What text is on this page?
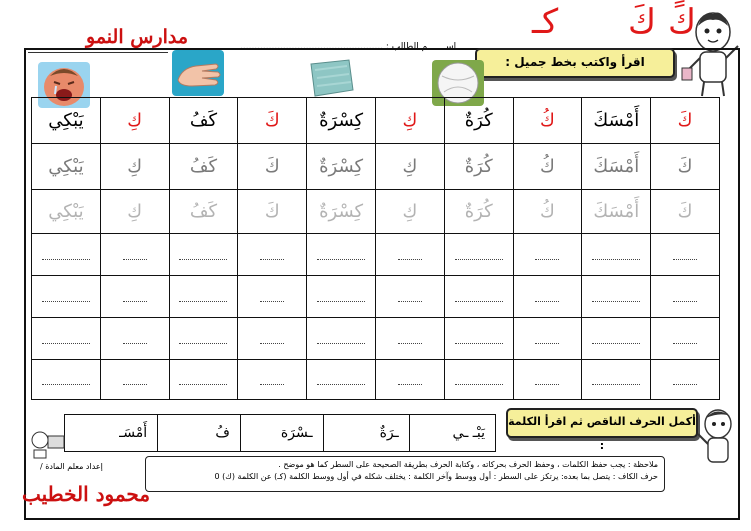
مدارس النمو	اســـــــم الطالب : ..................................................
كـ كَ كً
اقرأ واكتب بخط جميل :
يَبْكِي	كِ	كَفُ	كَ	كِسْرَةٌ	كِ	كُرَةٌ	كُ	أَمْسَكَ	كَ
يَبْكِي	كِ	كَفُ	كَ	كِسْرَةٌ	كِ	كُرَةٌ	كُ	أَمْسَكَ	كَ
يَبْكِي	كِ	كَفُ	كَ	كِسْرَةٌ	كِ	كُرَةٌ	كُ	أَمْسَكَ	كَ

أكمل الحرف الناقص ثم اقرأ الكلمة :
أَمْسَـ	فُ	ـسْرَة	ـرَةٌ	يَبْـ ـي
ملاحظة : يجب حفظ الكلمات ، وحفظ الحرف بحركاته ، وكتابة الحرف بطريقة الصحيحة على السطر كما هو موضح .
حرف الكاف : يتصل بما بعده: يرتكز على السطر : أول ووسط وآخر الكلمة : يختلف شكله في أول ووسط الكلمة (كـ) عن الكلمة (ك) 0
إعداد معلم المادة /
محمود الخطيب
